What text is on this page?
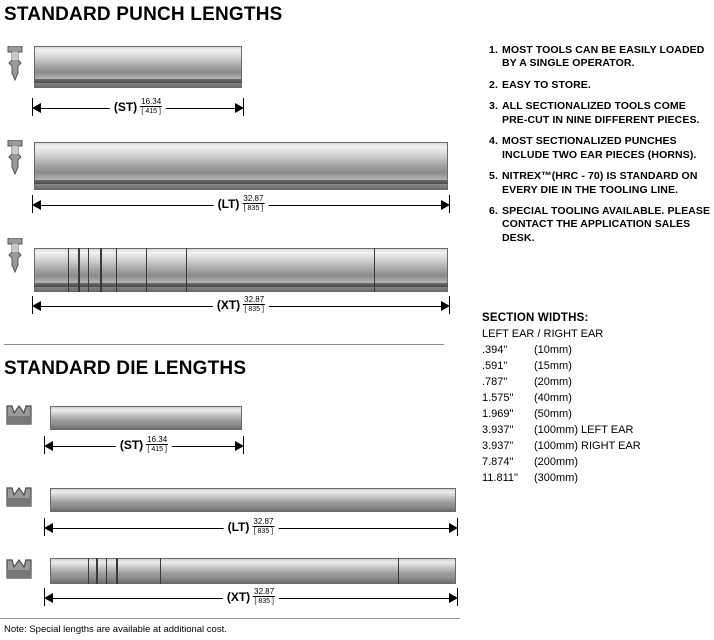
STANDARD PUNCH LENGTHS
$(ST) \frac{16.34}{[ 415 ]}$
$(LT) \frac{32.87}{[ 835 ]}$
$(XT) \frac{32.87}{[ 835 ]}$
STANDARD DIE LENGTHS
$(ST) \frac{16.34}{[ 415 ]}$
$(LT) \frac{32.87}{[ 835 ]}$
$(XT) \frac{32.87}{[ 835 ]}$
Note: Special lengths are available at additional cost.
1. MOST TOOLS CAN BE EASILY LOADED BY A SINGLE OPERATOR.
2. EASY TO STORE.
3. ALL SECTIONALIZED TOOLS COME PRE-CUT IN NINE DIFFERENT PIECES.
4. MOST SECTIONALIZED PUNCHES INCLUDE TWO EAR PIECES (HORNS).
5. NITREX™(HRC - 70) IS STANDARD ON EVERY DIE IN THE TOOLING LINE.
6. SPECIAL TOOLING AVAILABLE. PLEASE CONTACT THE APPLICATION SALES DESK.
SECTION WIDTHS:
LEFT EAR / RIGHT EAR
.394"	(10mm)
.591"	(15mm)
.787"	(20mm)
1.575"	(40mm)
1.969"	(50mm)
3.937"	(100mm) LEFT EAR
3.937”	(100mm) RIGHT EAR
7.874"	(200mm)
11.811"	(300mm)
